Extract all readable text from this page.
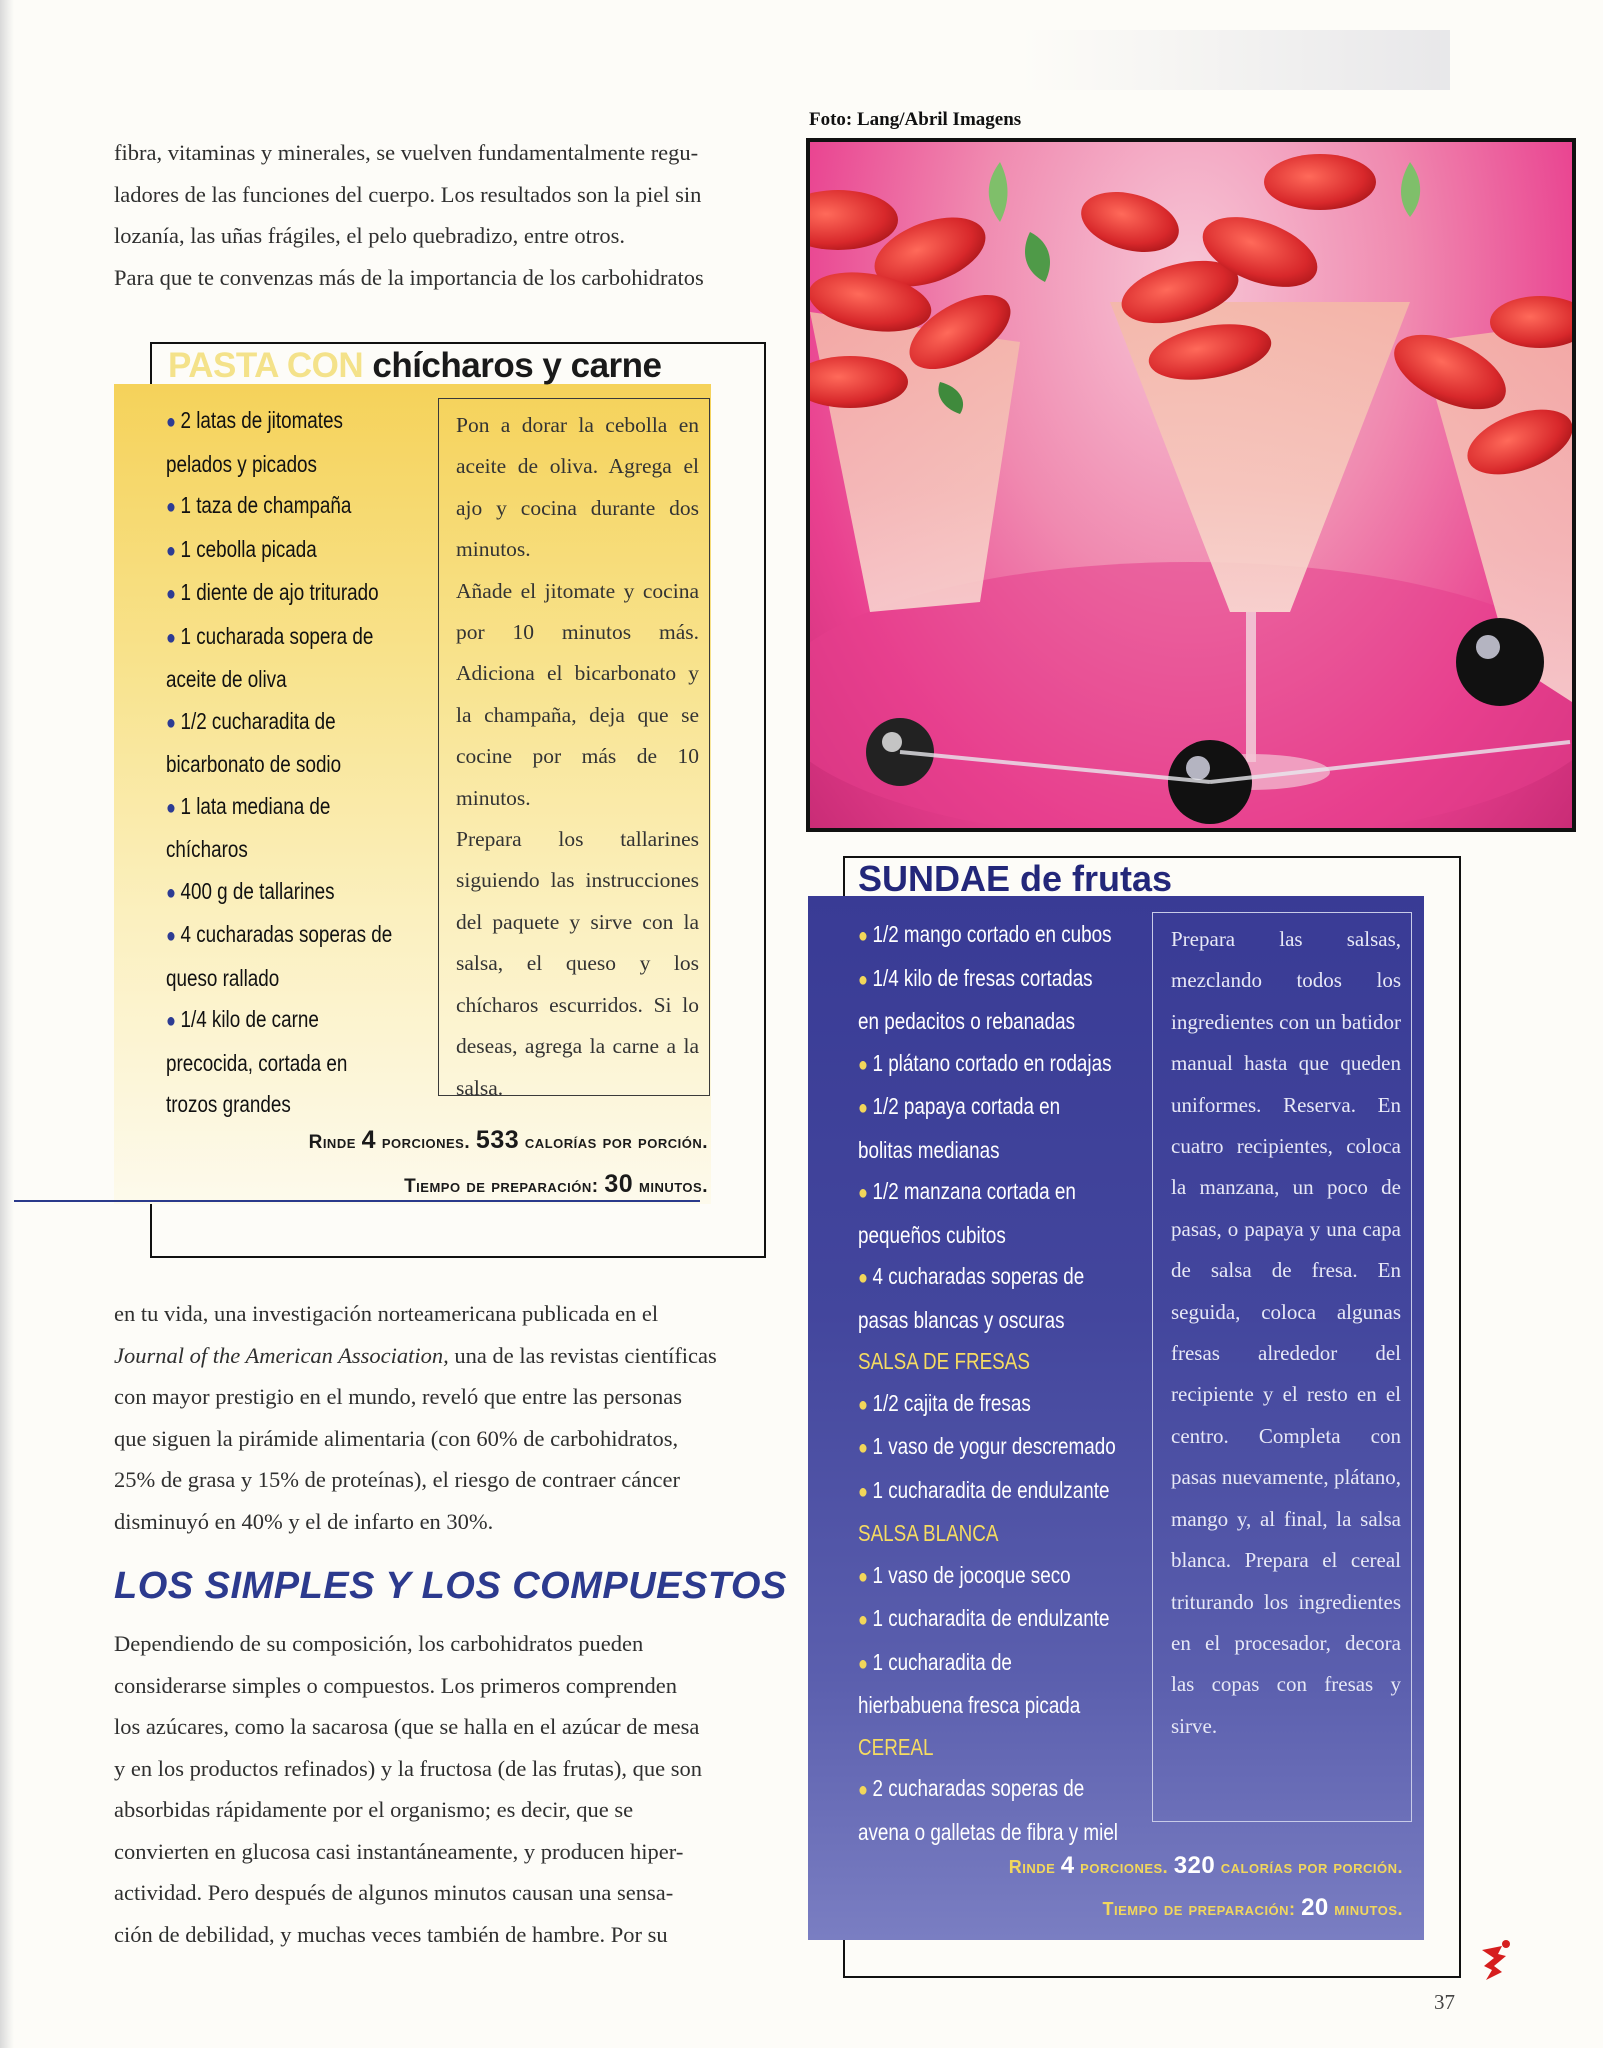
fibra, vitaminas y minerales, se vuelven fundamentalmente regu-

ladores de las funciones del cuerpo. Los resultados son la piel sin

lozanía, las uñas frágiles, el pelo quebradizo, entre otros.

Para que te convenzas más de la importancia de los carbohidratos

PASTA CON chícharos y carne
● 2 latas de jitomates
pelados y picados
● 1 taza de champaña
● 1 cebolla picada
● 1 diente de ajo triturado
● 1 cucharada sopera de
aceite de oliva
● 1/2 cucharadita de
bicarbonato de sodio
● 1 lata mediana de
chícharos
● 400 g de tallarines
● 4 cucharadas soperas de
queso rallado
● 1/4 kilo de carne
precocida, cortada en
trozos grandes

Pon a dorar la cebolla en aceite de oliva. Agrega el ajo y cocina durante dos minutos.

Añade el jitomate y cocina por 10 minutos más. Adiciona el bicarbonato y la champaña, deja que se cocine por más de 10 minutos.

Prepara los tallarines siguiendo las instrucciones del paquete y sirve con la salsa, el queso y los chícharos escurridos. Si lo deseas, agrega la carne a la salsa.

Rinde 4 porciones. 533 calorías por porción.
Tiempo de preparación: 30 minutos.

en tu vida, una investigación norteamericana publicada en el

Journal of the American Association, una de las revistas científicas

con mayor prestigio en el mundo, reveló que entre las personas

que siguen la pirámide alimentaria (con 60% de carbohidratos,

25% de grasa y 15% de proteínas), el riesgo de contraer cáncer

disminuyó en 40% y el de infarto en 30%.

LOS SIMPLES Y LOS COMPUESTOS

Dependiendo de su composición, los carbohidratos pueden

considerarse simples o compuestos. Los primeros comprenden

los azúcares, como la sacarosa (que se halla en el azúcar de mesa

y en los productos refinados) y la fructosa (de las frutas), que son

absorbidas rápidamente por el organismo; es decir, que se

convierten en glucosa casi instantáneamente, y producen hiper-

actividad. Pero después de algunos minutos causan una sensa-

ción de debilidad, y muchas veces también de hambre. Por su

Foto: Lang/Abril Imagens

SUNDAE de frutas
● 1/2 mango cortado en cubos
● 1/4 kilo de fresas cortadas
en pedacitos o rebanadas
● 1 plátano cortado en rodajas
● 1/2 papaya cortada en
bolitas medianas
● 1/2 manzana cortada en
pequeños cubitos
● 4 cucharadas soperas de
pasas blancas y oscuras
SALSA DE FRESAS
● 1/2 cajita de fresas
● 1 vaso de yogur descremado
● 1 cucharadita de endulzante
SALSA BLANCA
● 1 vaso de jocoque seco
● 1 cucharadita de endulzante
● 1 cucharadita de
hierbabuena fresca picada
CEREAL
● 2 cucharadas soperas de
avena o galletas de fibra y miel

Prepara las salsas, mezclando todos los ingredientes con un batidor manual hasta que queden uniformes. Reserva. En cuatro recipientes, coloca la manzana, un poco de pasas, o papaya y una capa de salsa de fresa. En seguida, coloca algunas fresas alrededor del recipiente y el resto en el centro. Completa con pasas nuevamente, plátano, mango y, al final, la salsa blanca. Prepara el cereal triturando los ingredientes en el procesador, decora las copas con fresas y sirve.

Rinde 4 porciones. 320 calorías por porción.
Tiempo de preparación: 20 minutos.

37
